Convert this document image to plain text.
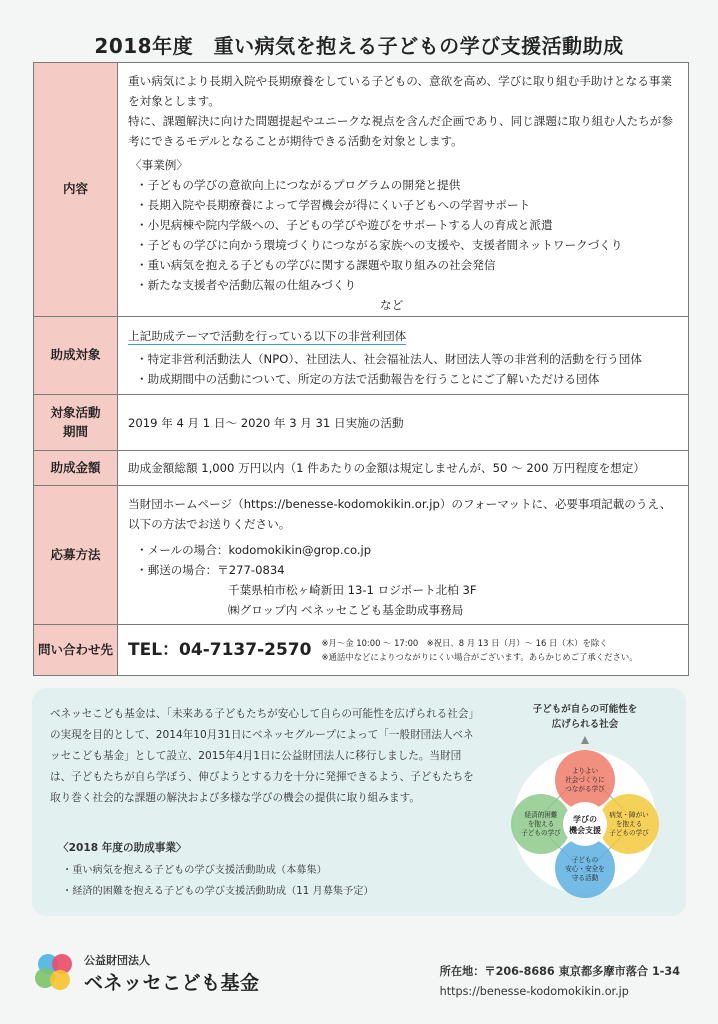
2018年度　重い病気を抱える子どもの学び支援活動助成
内容

重い病気により長期入院や長期療養をしている子どもの、意欲を高め、学びに取り組む手助けとなる事業を対象とします。

特に、課題解決に向けた問題提起やユニークな視点を含んだ企画であり、同じ課題に取り組む人たちが参考にできるモデルとなることが期待できる活動を対象とします。

〈事業例〉
・ 子どもの学びの意欲向上につながるプログラムの開発と提供
・ 長期入院や長期療養によって学習機会が得にくい子どもへの学習サポート
・ 小児病棟や院内学級への、子どもの学びや遊びをサポートする人の育成と派遣
・ 子どもの学びに向かう環境づくりにつながる家族への支援や、支援者間ネットワークづくり
・ 重い病気を抱える子どもの学びに関する課題や取り組みの社会発信
・ 新たな支援者や活動広報の仕組みづくり
など
助成対象
上記助成テーマで活動を行っている以下の非営利団体
・ 特定非営利活動法人（NPO）、社団法人、社会福祉法人、財団法人等の非営利的活動を行う団体
・ 助成期間中の活動について、所定の方法で活動報告を行うことにご了解いただける団体
対象活動
期間
2019 年 4 月 1 日～ 2020 年 3 月 31 日実施の活動
助成金額	助成金額総額 1,000 万円以内（1 件あたりの金額は規定しませんが、50 ～ 200 万円程度を想定）
応募方法

当財団ホームページ（https://benesse-kodomokikin.or.jp）のフォーマットに、必要事項記載のうえ、以下の方法でお送りください。

・メールの場合：kodomokikin@grop.co.jp
・郵送の場合：〒277-0834
千葉県柏市松ヶ崎新田 13-1 ロジポート北柏 3F
㈱グロップ内 ベネッセこども基金助成事務局
問い合わせ先 TEL：04-7137-2570 ※月～金 10:00 ～ 17:00　※祝日、8 月 13 日（月）～ 16 日（木）を除く
※通話中などによりつながりにくい場合がございます。あらかじめご了承ください。
ベネッセこども基金は、「未来ある子どもたちが安心して自らの可能性を広げられる社会」の実現を目的として、2014年10月31日にベネッセグループによって「一般財団法人ベネッセこども基金」として設立、2015年4月1日に公益財団法人に移行しました。当財団は、子どもたちが自ら学ぼう、伸びようとする力を十分に発揮できるよう、子どもたちを取り巻く社会的な課題の解決および多様な学びの機会の提供に取り組みます。
〈2018 年度の助成事業〉
・ 重い病気を抱える子どもの学び支援活動助成（本募集）
・ 経済的困難を抱える子どもの学び支援活動助成（11 月募集予定）
子どもが自らの可能性を
広げられる社会
よりよい
社会づくりに
つながる学び
経済的困難
を抱える
子どもの学び
病気・障がい
を抱える
子どもの学び
子どもの
安心・安全を
守る活動
学びの
機会支援
公益財団法人
ベネッセこども基金
所在地：〒206-8686 東京都多摩市落合 1-34
https://benesse-kodomokikin.or.jp
